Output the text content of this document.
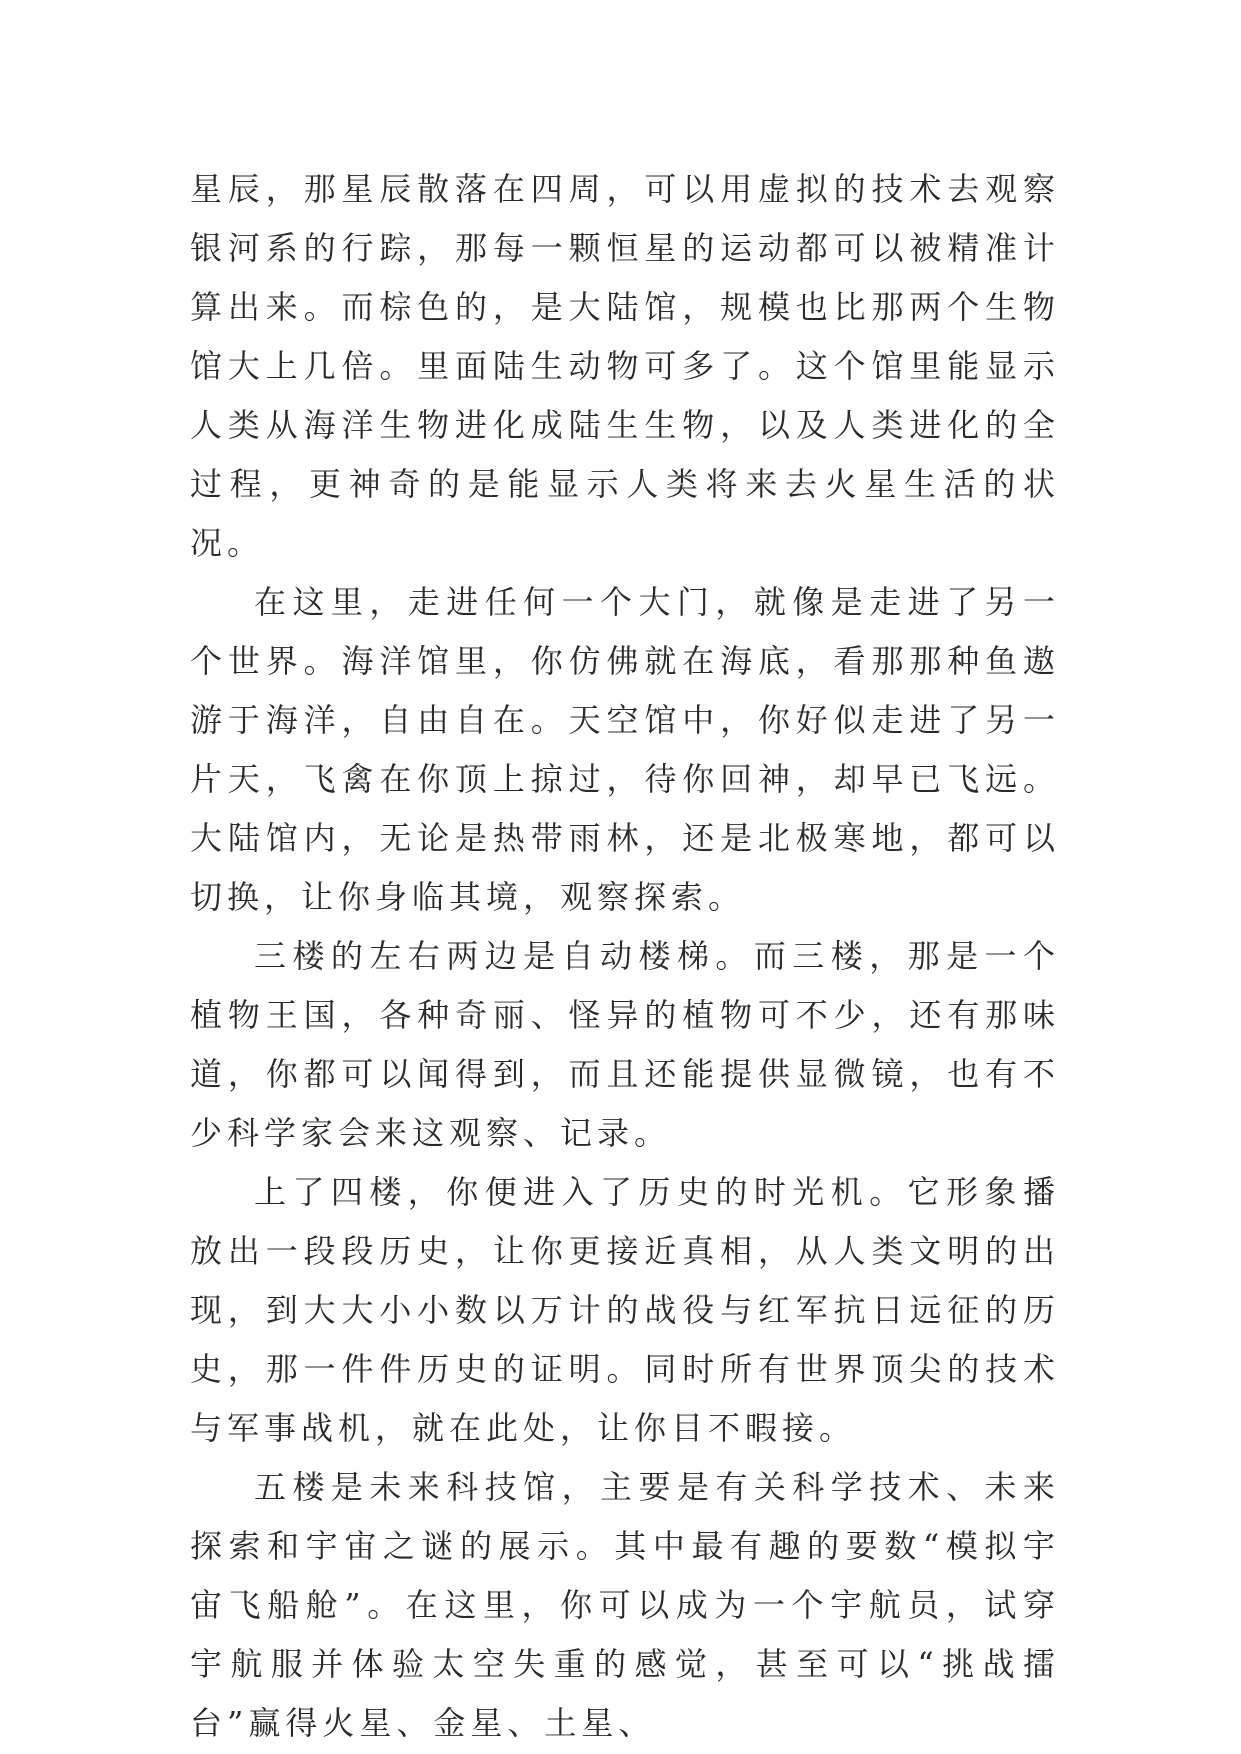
星辰，那星辰散落在四周，可以用虚拟的技术去观察银河系的行踪，那每一颗恒星的运动都可以被精准计算出来。而棕色的，是大陆馆，规模也比那两个生物馆大上几倍。里面陆生动物可多了。这个馆里能显示人类从海洋生物进化成陆生生物，以及人类进化的全过程，更神奇的是能显示人类将来去火星生活的状况。

在这里，走进任何一个大门，就像是走进了另一个世界。海洋馆里，你仿佛就在海底，看那那种鱼遨游于海洋，自由自在。天空馆中，你好似走进了另一片天，飞禽在你顶上掠过，待你回神，却早已飞远。大陆馆内，无论是热带雨林，还是北极寒地，都可以切换，让你身临其境，观察探索。

三楼的左右两边是自动楼梯。而三楼，那是一个植物王国，各种奇丽、怪异的植物可不少，还有那味道，你都可以闻得到，而且还能提供显微镜，也有不少科学家会来这观察、记录。

上了四楼，你便进入了历史的时光机。它形象播放出一段段历史，让你更接近真相，从人类文明的出现，到大大小小数以万计的战役与红军抗日远征的历史，那一件件历史的证明。同时所有世界顶尖的技术与军事战机，就在此处，让你目不暇接。

五楼是未来科技馆，主要是有关科学技术、未来探索和宇宙之谜的展示。其中最有趣的要数“模拟宇宙飞船舱”。在这里，你可以成为一个宇航员，试穿宇航服并体验太空失重的感觉，甚至可以“挑战擂台”赢得火星、金星、土星、
